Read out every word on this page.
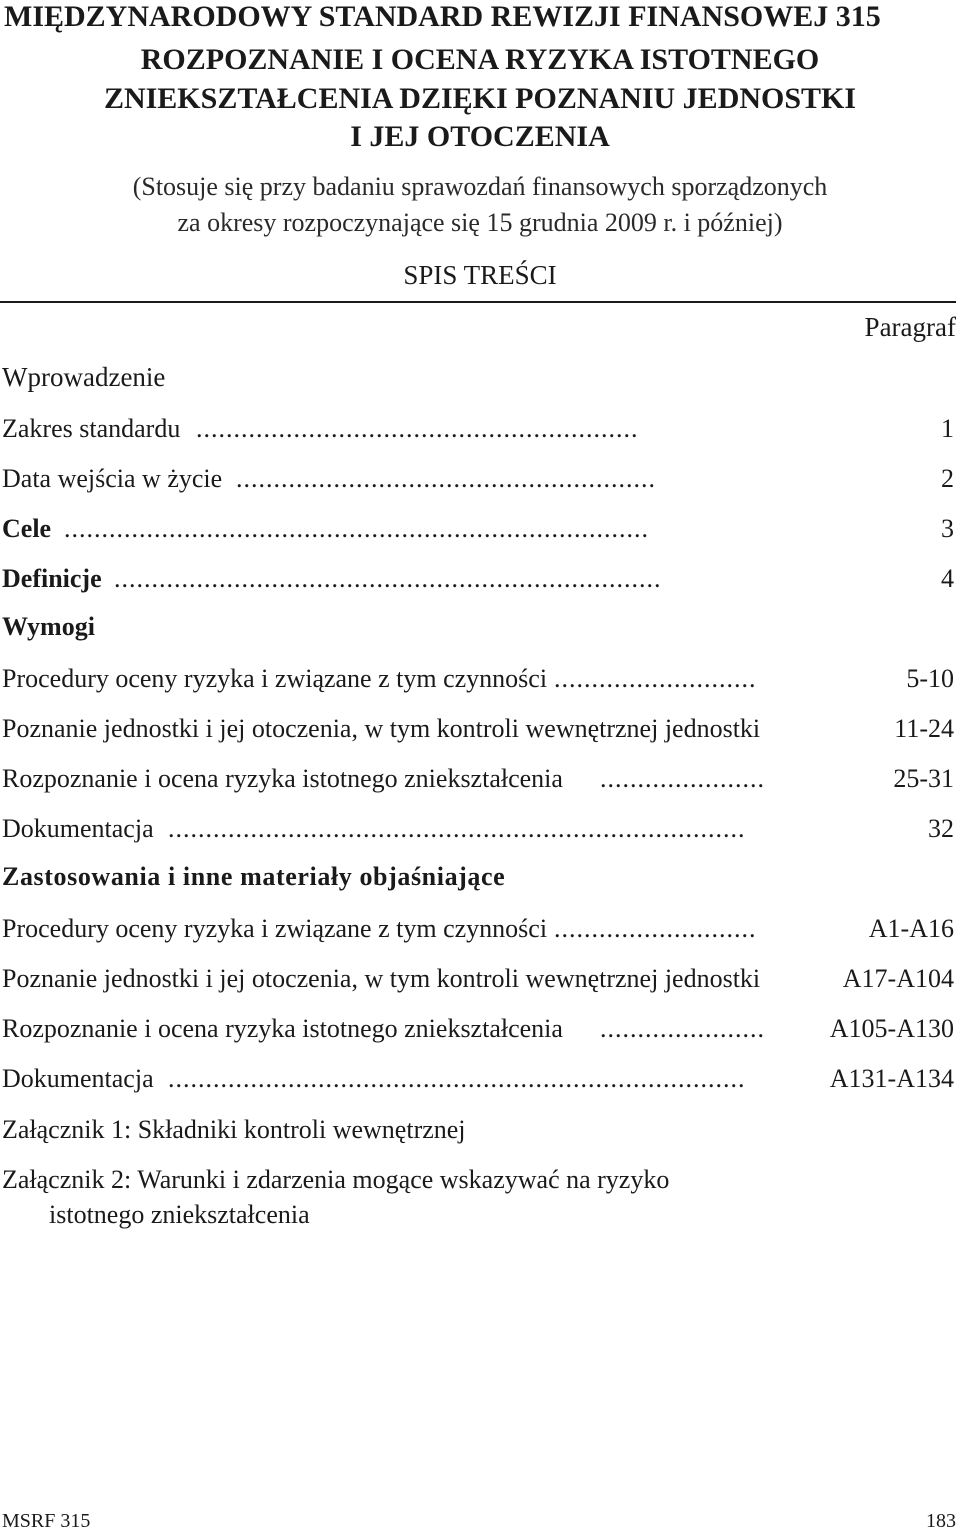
MIĘDZYNARODOWY STANDARD REWIZJI FINANSOWEJ 315
ROZPOZNANIE I OCENA RYZYKA ISTOTNEGO
ZNIEKSZTAŁCENIA DZIĘKI POZNANIU JEDNOSTKI
I JEJ OTOCZENIA
(Stosuje się przy badaniu sprawozdań finansowych sporządzonych
za okresy rozpoczynające się 15 grudnia 2009 r. i później)
SPIS TREŚCI
Paragraf
Wprowadzenie
...........................................................
Zakres standardu	1
........................................................
Data wejścia w życie	2
..............................................................................
Cele	3
.........................................................................
Definicje	4
Wymogi
...........................
Procedury oceny ryzyka i związane z tym czynności	5-10
Poznanie jednostki i jej otoczenia, w tym kontroli wewnętrznej jednostki	11-24
......................
Rozpoznanie i ocena ryzyka istotnego zniekształcenia	25-31
.............................................................................
Dokumentacja	32
Zastosowania i inne materiały objaśniające
...........................
Procedury oceny ryzyka i związane z tym czynności	A1-A16
Poznanie jednostki i jej otoczenia, w tym kontroli wewnętrznej jednostki	A17-A104
......................
Rozpoznanie i ocena ryzyka istotnego zniekształcenia	A105-A130
.............................................................................
Dokumentacja	A131-A134
Załącznik 1: Składniki kontroli wewnętrznej
Załącznik 2: Warunki i zdarzenia mogące wskazywać na ryzyko
istotnego zniekształcenia
MSRF 315	183
